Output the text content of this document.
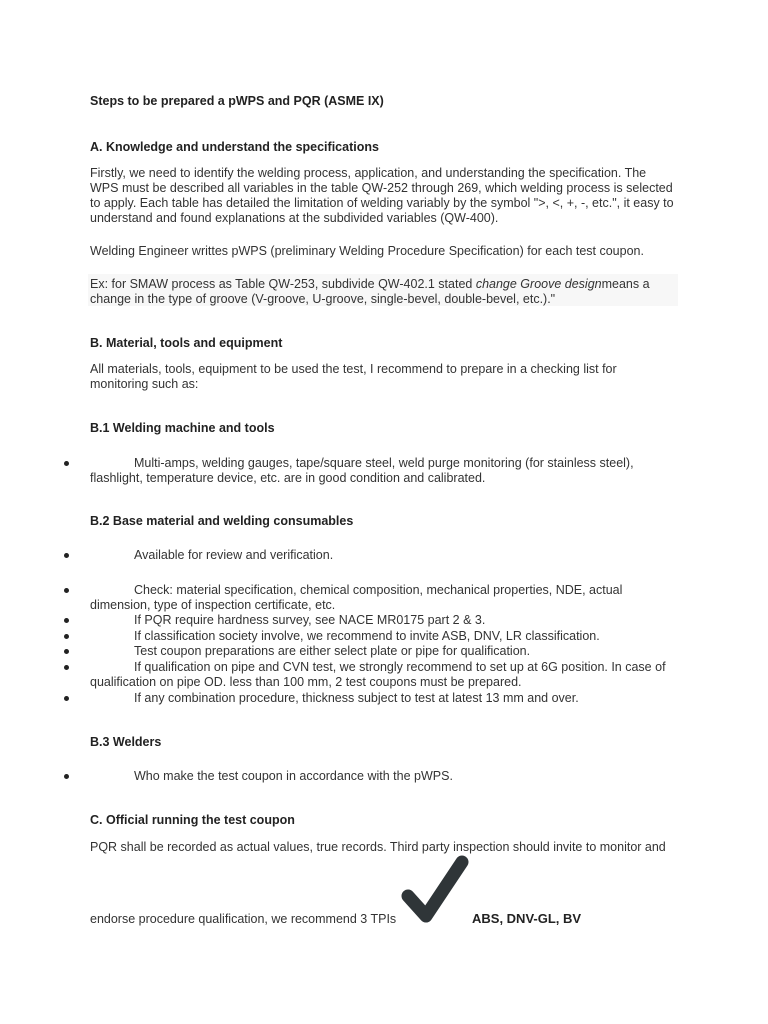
Steps to be prepared a pWPS and PQR (ASME IX)
A. Knowledge and understand the specifications
Firstly, we need to identify the welding process, application, and understanding the specification. The
WPS must be described all variables in the table QW-252 through 269, which welding process is selected
to apply. Each table has detailed the limitation of welding variably by the symbol ">, <, +, -, etc.", it easy to
understand and found explanations at the subdivided variables (QW-400).
Welding Engineer writtes pWPS (preliminary Welding Procedure Specification) for each test coupon.
Ex: for SMAW process as Table QW-253, subdivide QW-402.1 stated change Groove designmeans a
change in the type of groove (V-groove, U-groove, single-bevel, double-bevel, etc.)."
B. Material, tools and equipment
All materials, tools, equipment to be used the test, I recommend to prepare in a checking list for
monitoring such as:
B.1 Welding machine and tools
Multi-amps, welding gauges, tape/square steel, weld purge monitoring (for stainless steel),
flashlight, temperature device, etc. are in good condition and calibrated.
B.2 Base material and welding consumables
Available for review and verification.
Check: material specification, chemical composition, mechanical properties, NDE, actual
dimension, type of inspection certificate, etc.
If PQR require hardness survey, see NACE MR0175 part 2 & 3.
If classification society involve, we recommend to invite ASB, DNV, LR classification.
Test coupon preparations are either select plate or pipe for qualification.
If qualification on pipe and CVN test, we strongly recommend to set up at 6G position. In case of
qualification on pipe OD. less than 100 mm, 2 test coupons must be prepared.
If any combination procedure, thickness subject to test at latest 13 mm and over.
B.3 Welders
Who make the test coupon in accordance with the pWPS.
C. Official running the test coupon
PQR shall be recorded as actual values, true records. Third party inspection should invite to monitor and
endorse procedure qualification, we recommend 3 TPIs	ABS, DNV-GL, BV
